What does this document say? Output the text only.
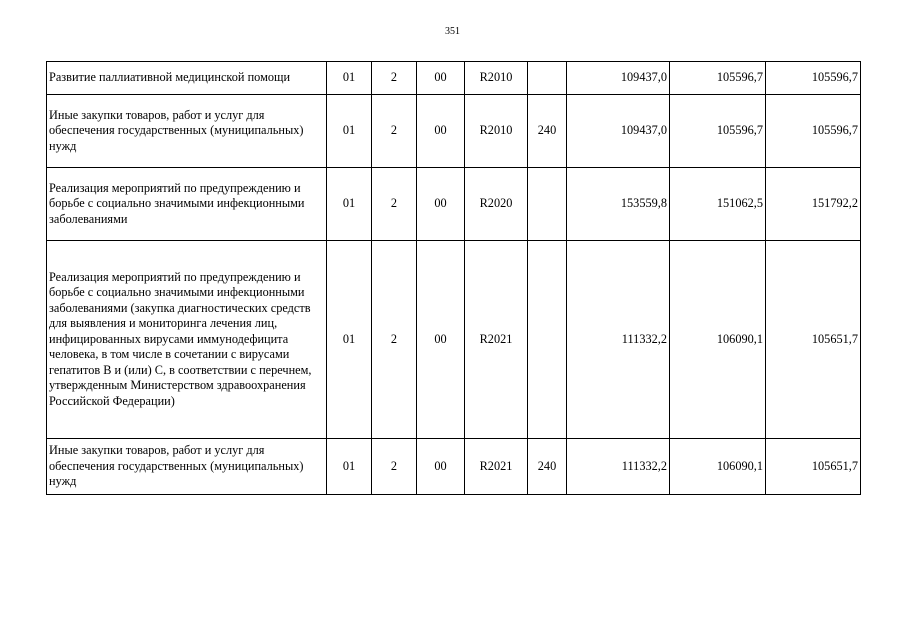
351
Развитие паллиативной медицинской помощи	01	2	00	R2010		109437,0	105596,7	105596,7
Иные закупки товаров, работ и услуг для обеспечения государственных (муниципальных) нужд	01	2	00	R2010	240	109437,0	105596,7	105596,7
Реализация мероприятий по предупреждению и борьбе с социально значимыми инфекционными заболеваниями	01	2	00	R2020		153559,8	151062,5	151792,2
Реализация мероприятий по предупреждению и борьбе с социально значимыми инфекционными заболеваниями (закупка диагностических средств для выявления и мониторинга лечения лиц, инфицированных вирусами иммунодефицита человека, в том числе в сочетании с вирусами гепатитов В и (или) С, в соответствии с перечнем, утвержденным Министерством здравоохранения Российской Федерации)	01	2	00	R2021		111332,2	106090,1	105651,7
Иные закупки товаров, работ и услуг для обеспечения государственных (муниципальных) нужд	01	2	00	R2021	240	111332,2	106090,1	105651,7
